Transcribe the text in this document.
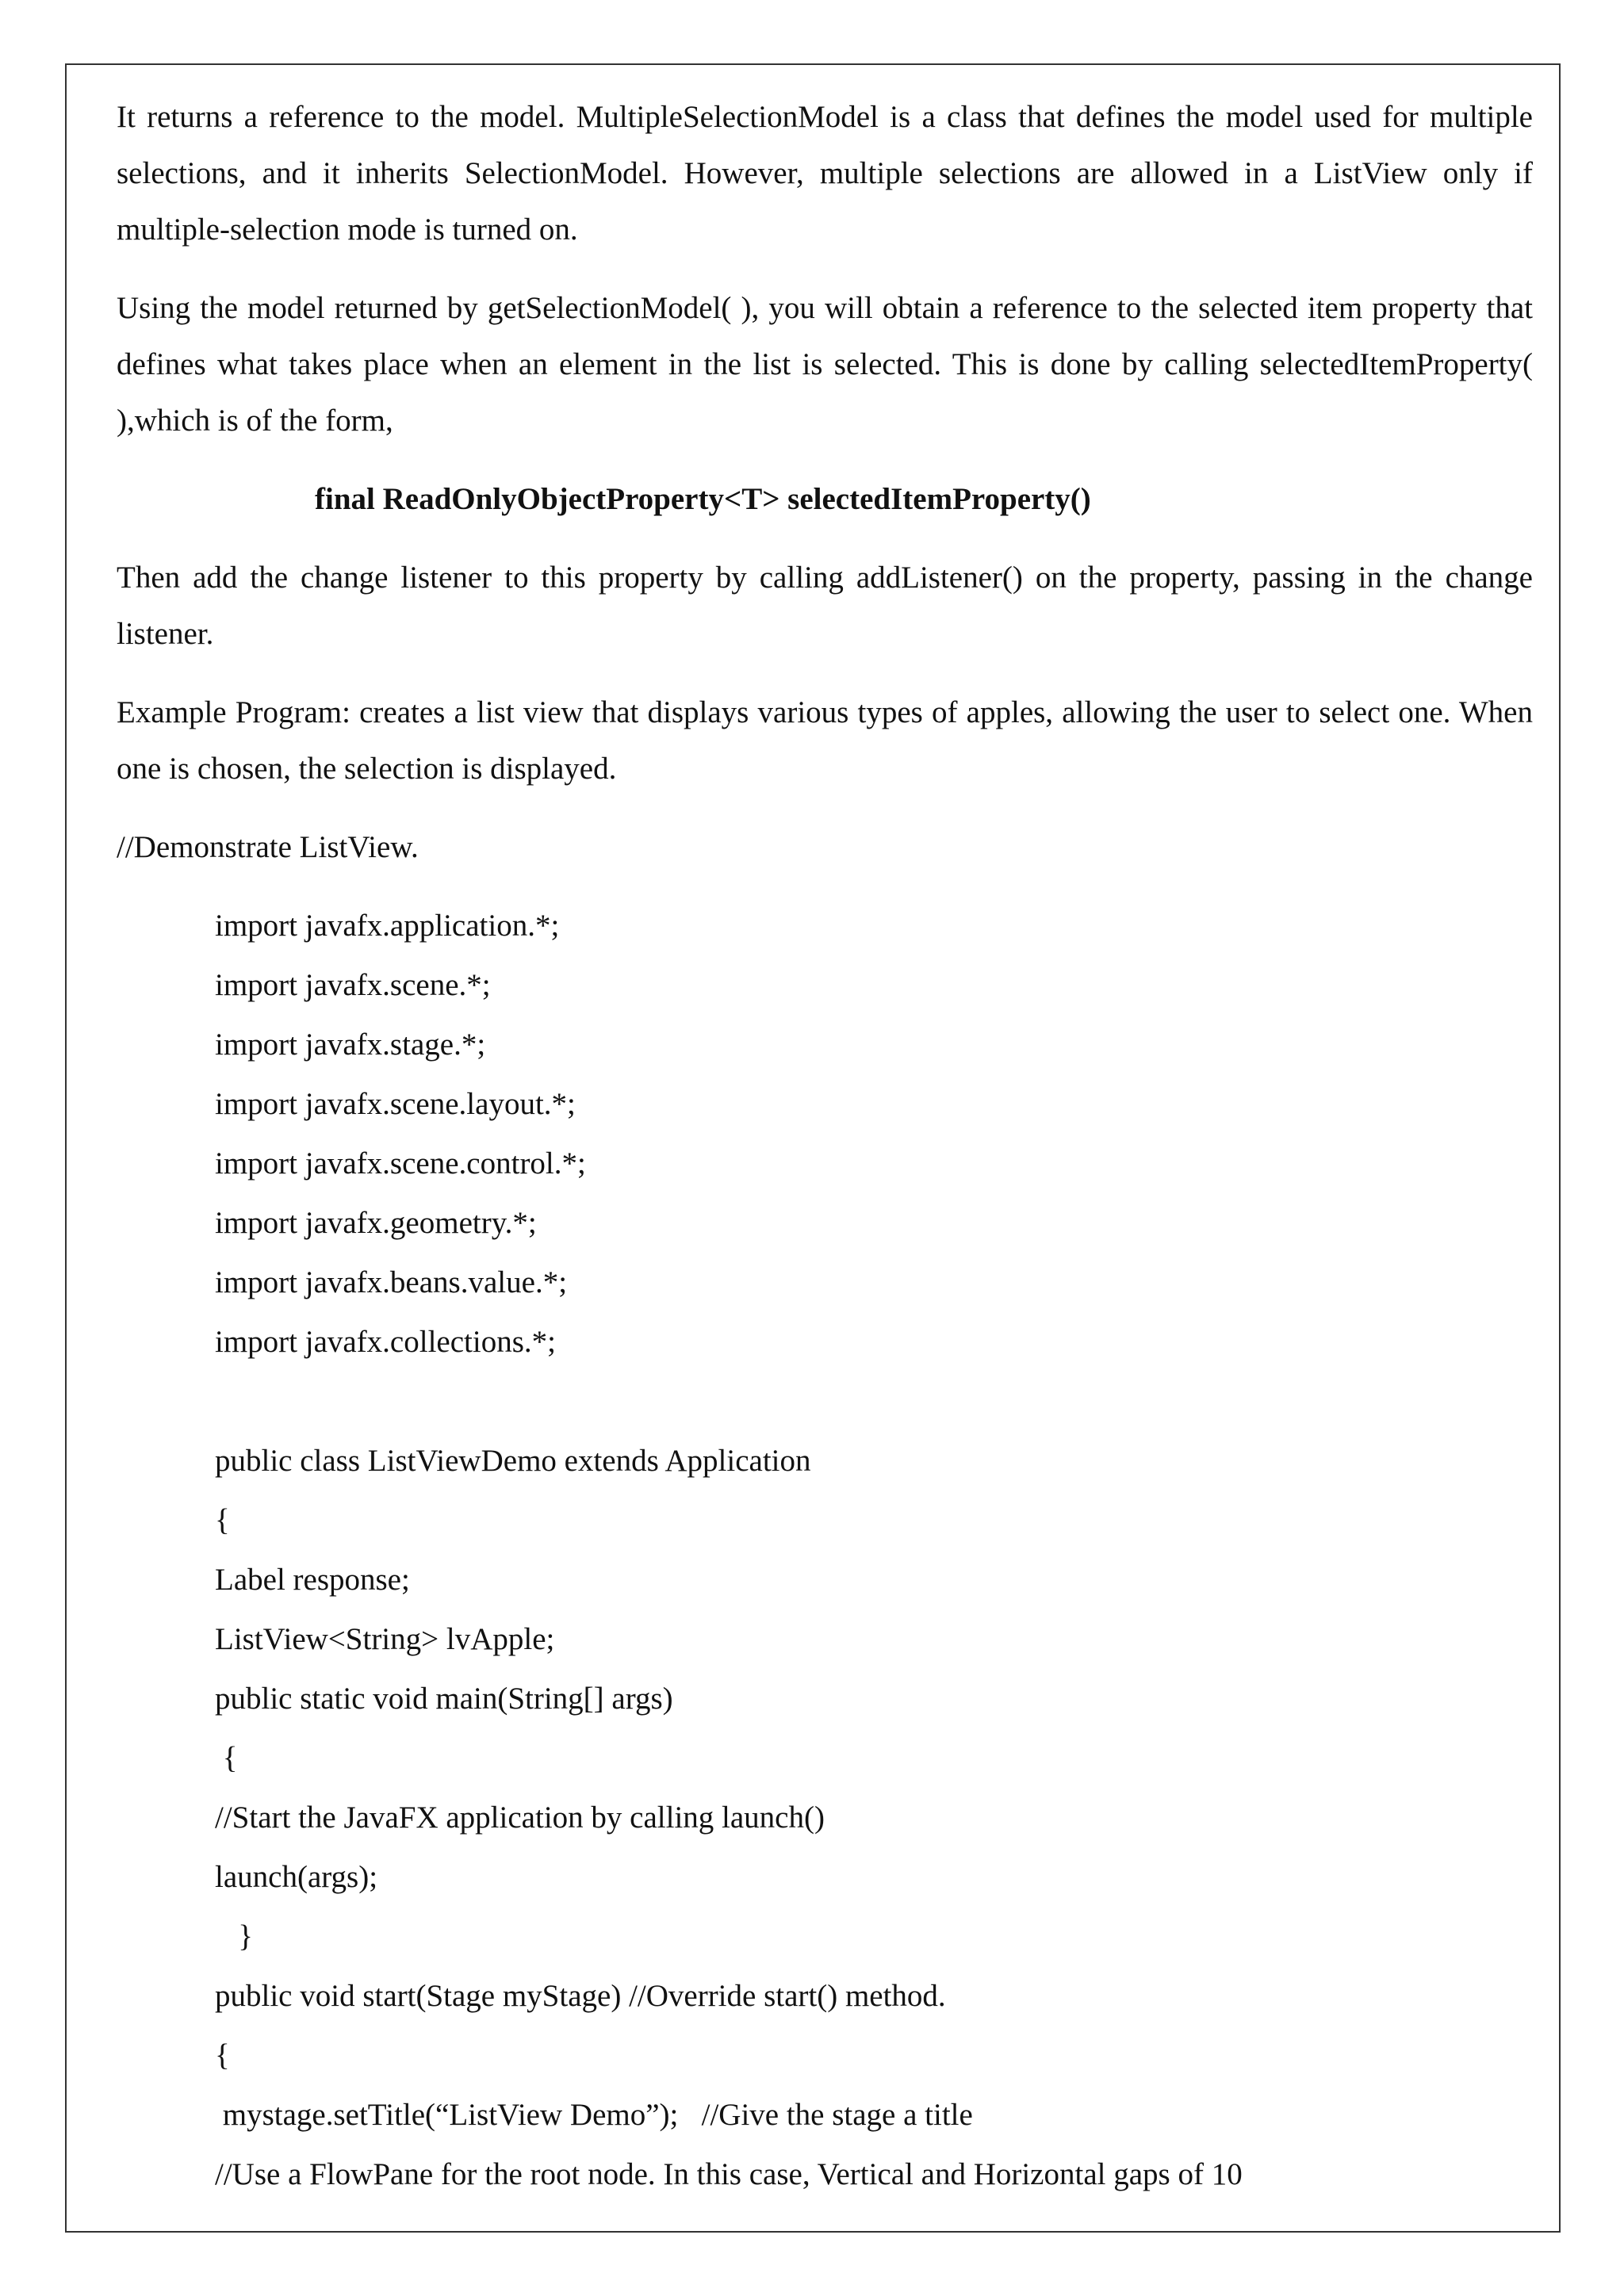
It returns a reference to the model. MultipleSelectionModel is a class that defines the model used for multiple selections, and it inherits SelectionModel. However, multiple selections are allowed in a ListView only if multiple-selection mode is turned on.

Using the model returned by getSelectionModel( ), you will obtain a reference to the selected item property that defines what takes place when an element in the list is selected. This is done by calling selectedItemProperty( ),which is of the form,

final ReadOnlyObjectProperty<T> selectedItemProperty()

Then add the change listener to this property by calling addListener() on the property, passing in the change listener.

Example Program: creates a list view that displays various types of apples, allowing the user to select one. When one is chosen, the selection is displayed.

//Demonstrate ListView.

import javafx.application.*;
import javafx.scene.*;
import javafx.stage.*;
import javafx.scene.layout.*;
import javafx.scene.control.*;
import javafx.geometry.*;
import javafx.beans.value.*;
import javafx.collections.*;
public class ListViewDemo extends Application
{
Label response;
ListView<String> lvApple;
public static void main(String[] args)
{
//Start the JavaFX application by calling launch()
launch(args);
}
public void start(Stage myStage) //Override start() method.
{
mystage.setTitle(“ListView Demo”);   //Give the stage a title
//Use a FlowPane for the root node. In this case, Vertical and Horizontal gaps of 10
